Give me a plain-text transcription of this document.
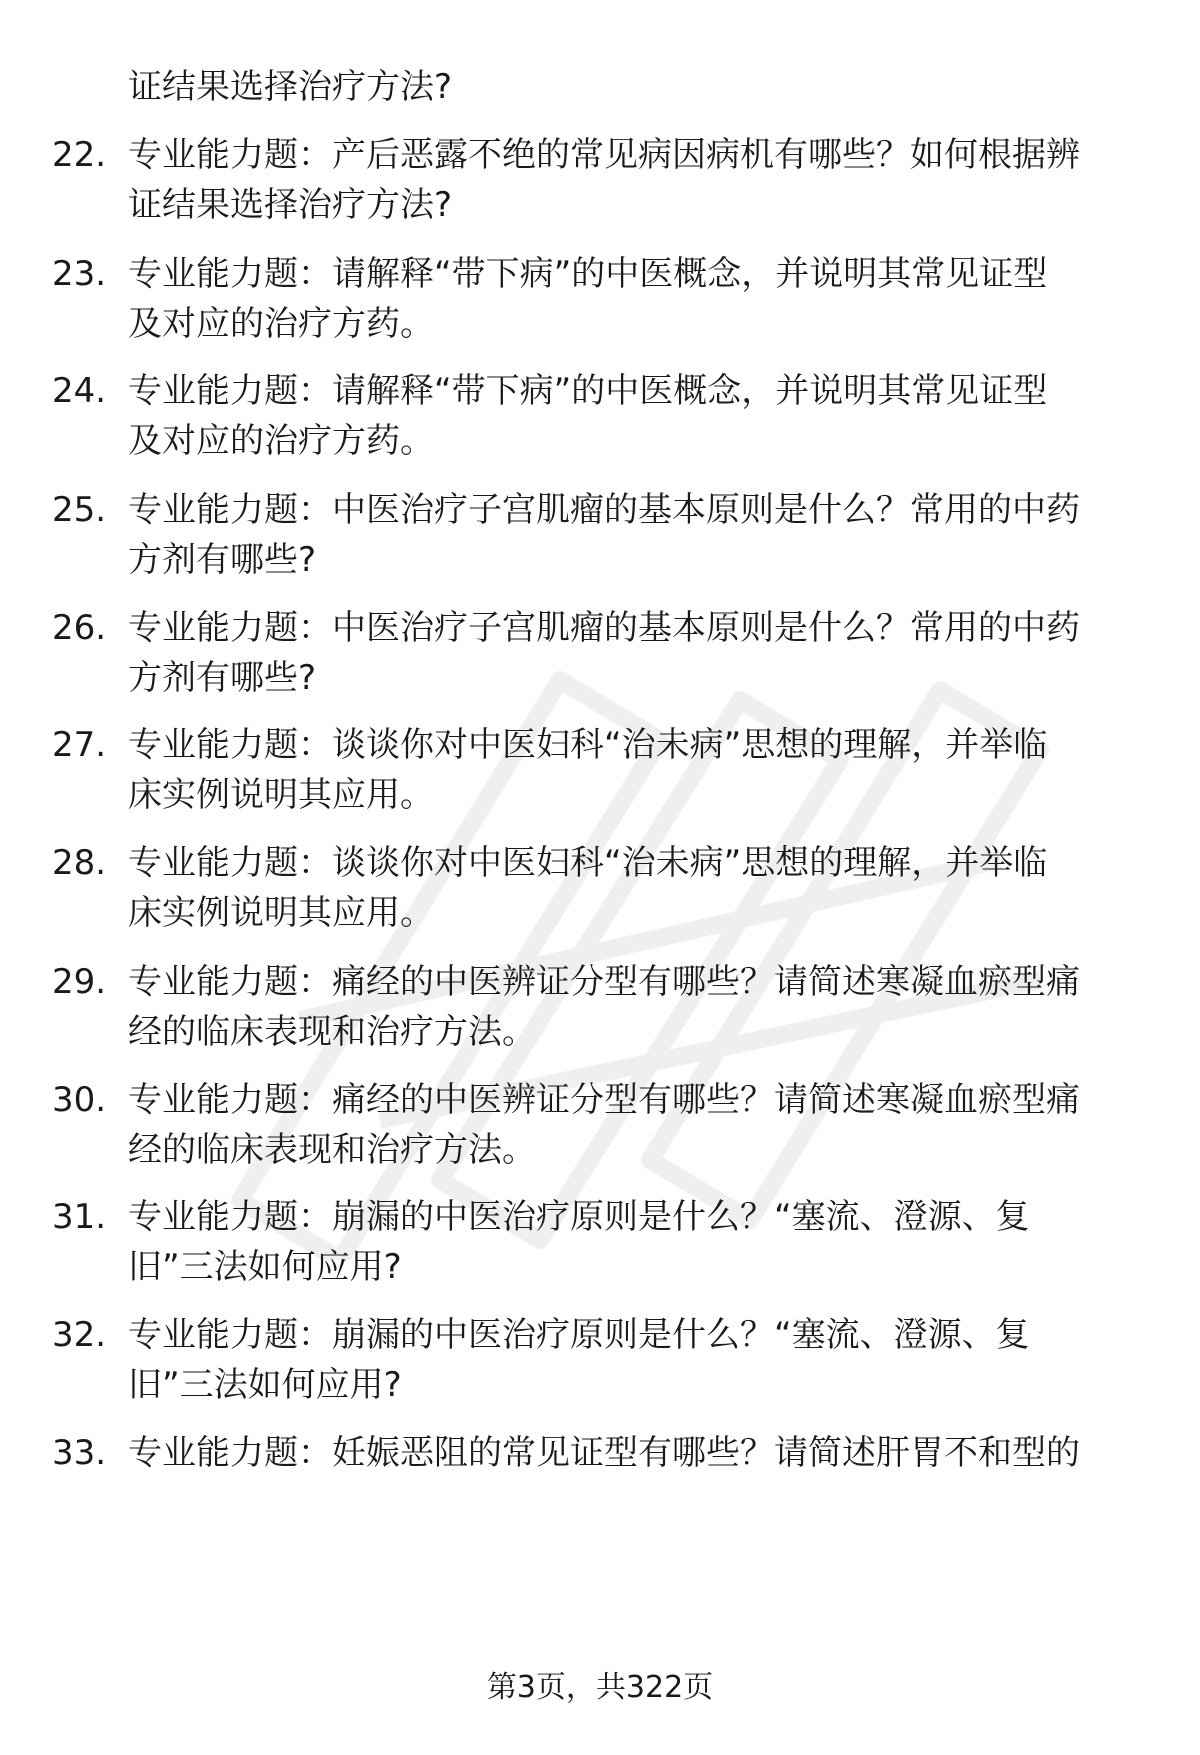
证结果选择治疗方法?

22. 专业能力题：产后恶露不绝的常见病因病机有哪些？如何根据辨
证结果选择治疗方法?

23. 专业能力题：请解释“带下病”的中医概念，并说明其常见证型
及对应的治疗方药。

24. 专业能力题：请解释“带下病”的中医概念，并说明其常见证型
及对应的治疗方药。

25. 专业能力题：中医治疗子宫肌瘤的基本原则是什么？常用的中药
方剂有哪些?

26. 专业能力题：中医治疗子宫肌瘤的基本原则是什么？常用的中药
方剂有哪些?

27. 专业能力题：谈谈你对中医妇科“治未病”思想的理解，并举临
床实例说明其应用。

28. 专业能力题：谈谈你对中医妇科“治未病”思想的理解，并举临
床实例说明其应用。

29. 专业能力题：痛经的中医辨证分型有哪些？请简述寒凝血瘀型痛
经的临床表现和治疗方法。

30. 专业能力题：痛经的中医辨证分型有哪些？请简述寒凝血瘀型痛
经的临床表现和治疗方法。

31. 专业能力题：崩漏的中医治疗原则是什么？“塞流、澄源、复
旧”三法如何应用?

32. 专业能力题：崩漏的中医治疗原则是什么？“塞流、澄源、复
旧”三法如何应用?

33. 专业能力题：妊娠恶阻的常见证型有哪些？请简述肝胃不和型的

第3页，共322页
